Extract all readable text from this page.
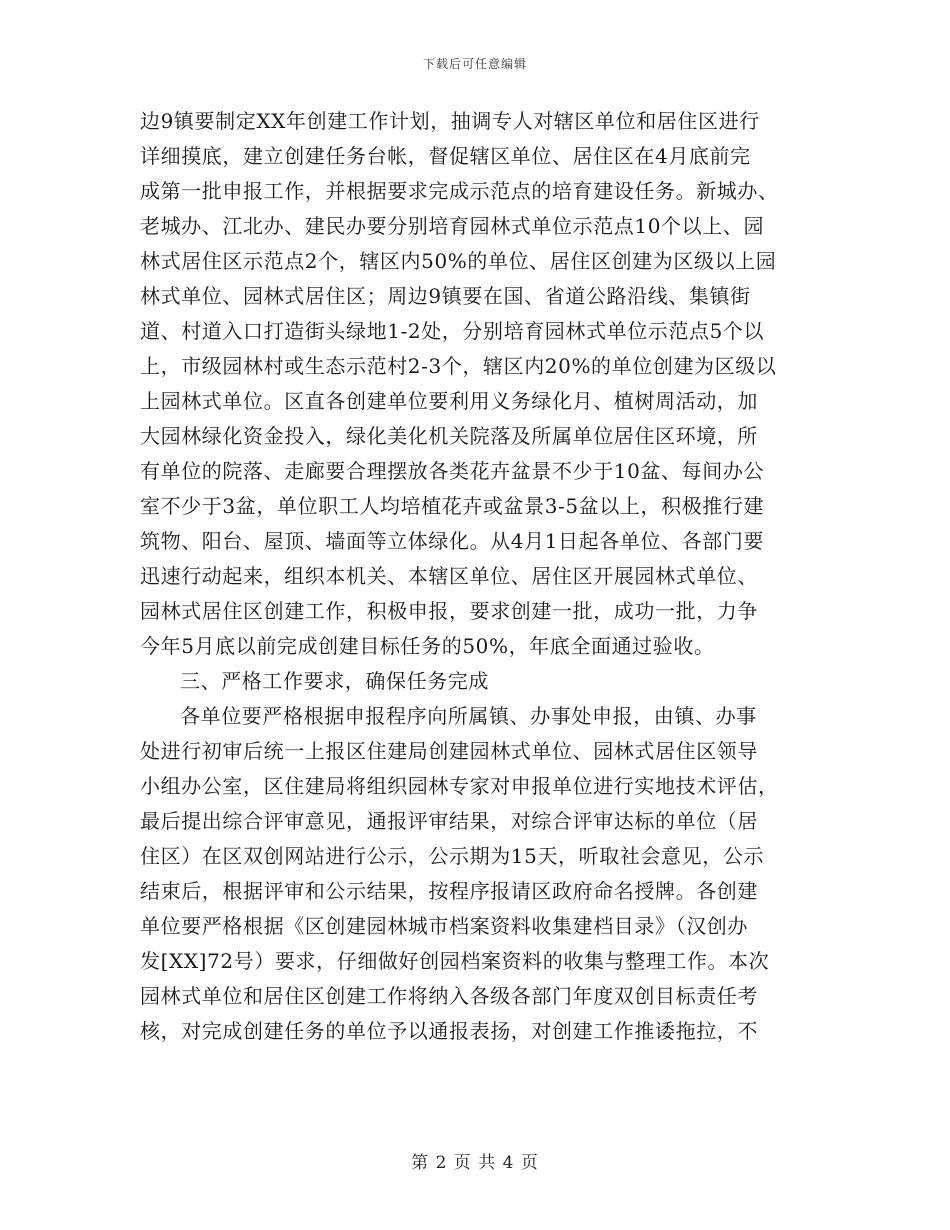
下载后可任意编辑
边9镇要制定XX年创建工作计划，抽调专人对辖区单位和居住区进行
详细摸底，建立创建任务台帐，督促辖区单位、居住区在4月底前完
成第一批申报工作，并根据要求完成示范点的培育建设任务。新城办、
老城办、江北办、建民办要分别培育园林式单位示范点10个以上、园
林式居住区示范点2个，辖区内50%的单位、居住区创建为区级以上园
林式单位、园林式居住区；周边9镇要在国、省道公路沿线、集镇街
道、村道入口打造街头绿地1-2处，分别培育园林式单位示范点5个以
上，市级园林村或生态示范村2-3个，辖区内20%的单位创建为区级以
上园林式单位。区直各创建单位要利用义务绿化月、植树周活动，加
大园林绿化资金投入，绿化美化机关院落及所属单位居住区环境，所
有单位的院落、走廊要合理摆放各类花卉盆景不少于10盆、每间办公
室不少于3盆，单位职工人均培植花卉或盆景3-5盆以上，积极推行建
筑物、阳台、屋顶、墙面等立体绿化。从4月1日起各单位、各部门要
迅速行动起来，组织本机关、本辖区单位、居住区开展园林式单位、
园林式居住区创建工作，积极申报，要求创建一批，成功一批，力争
今年5月底以前完成创建目标任务的50%，年底全面通过验收。
三、严格工作要求，确保任务完成
各单位要严格根据申报程序向所属镇、办事处申报，由镇、办事
处进行初审后统一上报区住建局创建园林式单位、园林式居住区领导
小组办公室，区住建局将组织园林专家对申报单位进行实地技术评估，
最后提出综合评审意见，通报评审结果，对综合评审达标的单位（居
住区）在区双创网站进行公示，公示期为15天，听取社会意见，公示
结束后，根据评审和公示结果，按程序报请区政府命名授牌。各创建
单位要严格根据《区创建园林城市档案资料收集建档目录》（汉创办
发[XX]72号）要求，仔细做好创园档案资料的收集与整理工作。本次
园林式单位和居住区创建工作将纳入各级各部门年度双创目标责任考
核，对完成创建任务的单位予以通报表扬，对创建工作推诿拖拉，不
第 2 页 共 4 页
